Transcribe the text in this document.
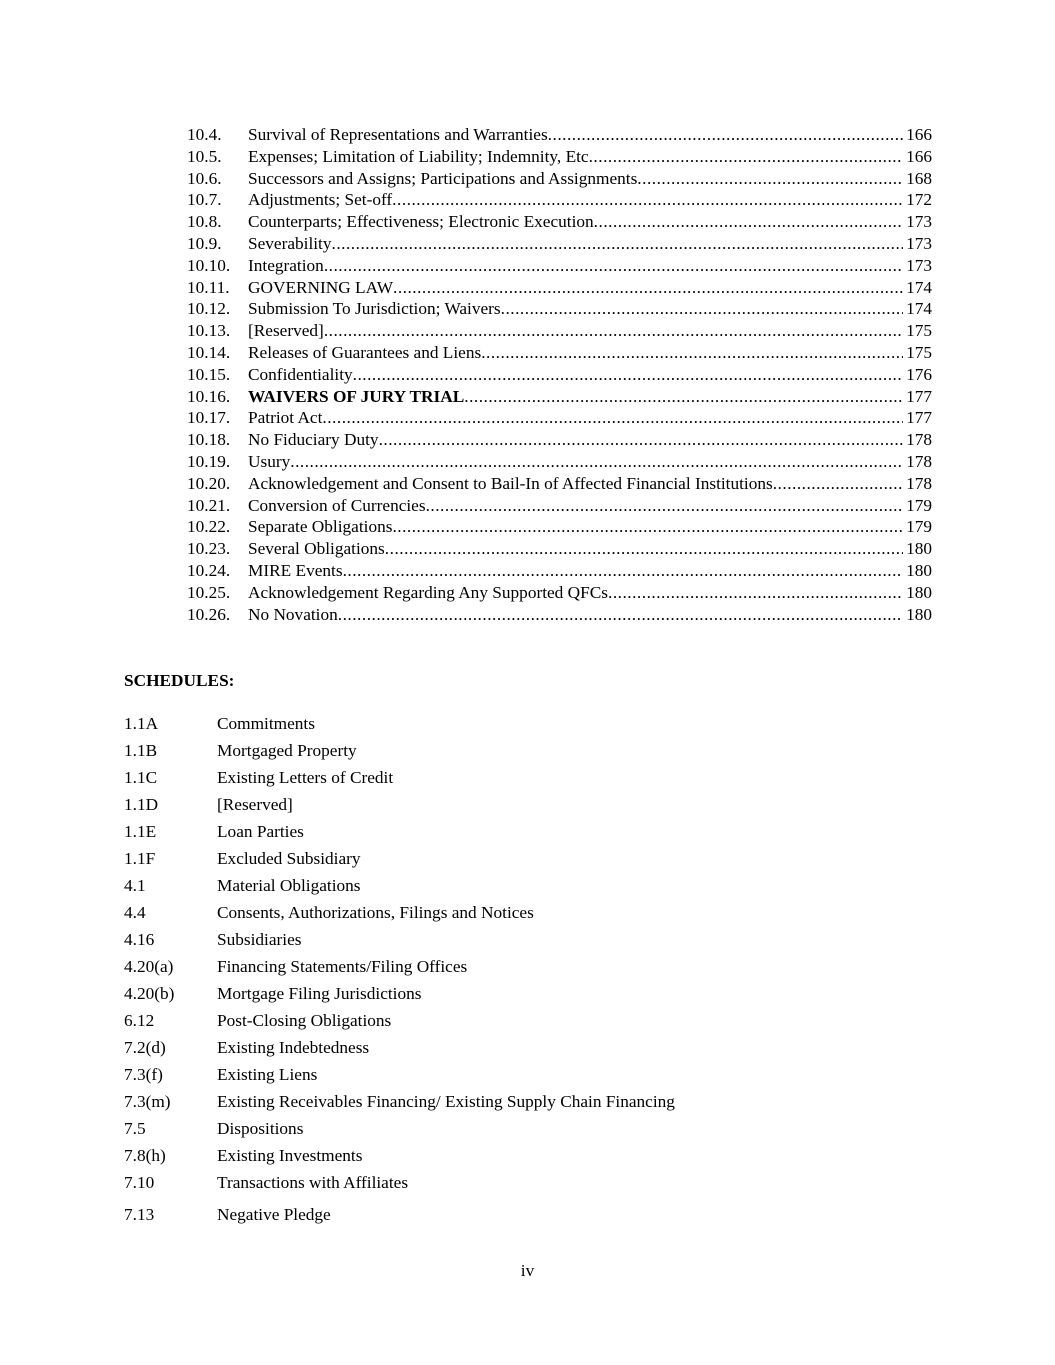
10.4.	Survival of Representations and Warranties .....	166
10.5.	Expenses; Limitation of Liability; Indemnity, Etc .....	166
10.6.	Successors and Assigns; Participations and Assignments .....	168
10.7.	Adjustments; Set-off .....	172
10.8.	Counterparts; Effectiveness; Electronic Execution .....	173
10.9.	Severability .....	173
10.10.	Integration .....	173
10.11.	GOVERNING LAW .....	174
10.12.	Submission To Jurisdiction; Waivers .....	174
10.13.	[Reserved] .....	175
10.14.	Releases of Guarantees and Liens .....	175
10.15.	Confidentiality .....	176
10.16.	WAIVERS OF JURY TRIAL .....	177
10.17.	Patriot Act .....	177
10.18.	No Fiduciary Duty .....	178
10.19.	Usury .....	178
10.20.	Acknowledgement and Consent to Bail-In of Affected Financial Institutions .....	178
10.21.	Conversion of Currencies .....	179
10.22.	Separate Obligations .....	179
10.23.	Several Obligations .....	180
10.24.	MIRE Events .....	180
10.25.	Acknowledgement Regarding Any Supported QFCs .....	180
10.26.	No Novation .....	180
SCHEDULES:
1.1A	Commitments
1.1B	Mortgaged Property
1.1C	Existing Letters of Credit
1.1D	[Reserved]
1.1E	Loan Parties
1.1F	Excluded Subsidiary
4.1	Material Obligations
4.4	Consents, Authorizations, Filings and Notices
4.16	Subsidiaries
4.20(a)	Financing Statements/Filing Offices
4.20(b)	Mortgage Filing Jurisdictions
6.12	Post-Closing Obligations
7.2(d)	Existing Indebtedness
7.3(f)	Existing Liens
7.3(m)	Existing Receivables Financing/ Existing Supply Chain Financing
7.5	Dispositions
7.8(h)	Existing Investments
7.10	Transactions with Affiliates
7.13	Negative Pledge
iv
